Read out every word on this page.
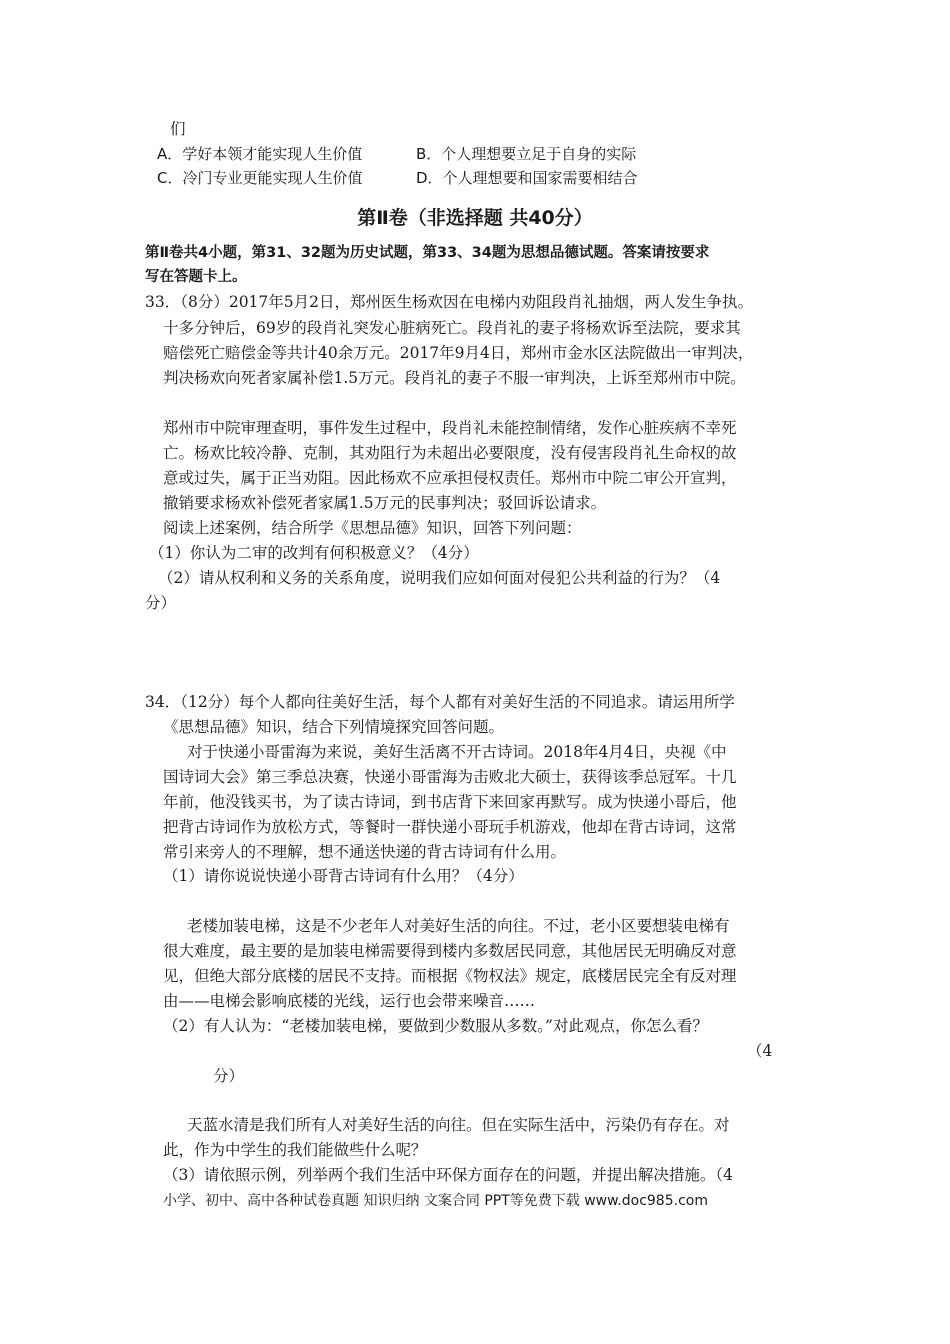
们
A．学好本领才能实现人生价值	B．个人理想要立足于自身的实际
C．冷门专业更能实现人生价值	D．个人理想要和国家需要相结合
第Ⅱ卷（非选择题 共40分）
第Ⅱ卷共4小题，第31、32题为历史试题，第33、34题为思想品德试题。答案请按要求
写在答题卡上。
33．（8分）2017年5月2日，郑州医生杨欢因在电梯内劝阻段肖礼抽烟，两人发生争执。
十多分钟后，69岁的段肖礼突发心脏病死亡。段肖礼的妻子将杨欢诉至法院，要求其
赔偿死亡赔偿金等共计40余万元。2017年9月4日，郑州市金水区法院做出一审判决，
判决杨欢向死者家属补偿1.5万元。段肖礼的妻子不服一审判决，上诉至郑州市中院。
郑州市中院审理查明，事件发生过程中，段肖礼未能控制情绪，发作心脏疾病不幸死
亡。杨欢比较冷静、克制，其劝阻行为未超出必要限度，没有侵害段肖礼生命权的故
意或过失，属于正当劝阻。因此杨欢不应承担侵权责任。郑州市中院二审公开宣判，
撤销要求杨欢补偿死者家属1.5万元的民事判决；驳回诉讼请求。
阅读上述案例，结合所学《思想品德》知识，回答下列问题：
（1）你认为二审的改判有何积极意义？（4分）
（2）请从权利和义务的关系角度，说明我们应如何面对侵犯公共利益的行为？（4
分）
34．（12分）每个人都向往美好生活，每个人都有对美好生活的不同追求。请运用所学
《思想品德》知识，结合下列情境探究回答问题。
对于快递小哥雷海为来说，美好生活离不开古诗词。2018年4月4日，央视《中
国诗词大会》第三季总决赛，快递小哥雷海为击败北大硕士，获得该季总冠军。十几
年前，他没钱买书，为了读古诗词，到书店背下来回家再默写。成为快递小哥后，他
把背古诗词作为放松方式，等餐时一群快递小哥玩手机游戏，他却在背古诗词，这常
常引来旁人的不理解，想不通送快递的背古诗词有什么用。
（1）请你说说快递小哥背古诗词有什么用？（4分）
老楼加装电梯，这是不少老年人对美好生活的向往。不过，老小区要想装电梯有
很大难度，最主要的是加装电梯需要得到楼内多数居民同意，其他居民无明确反对意
见，但绝大部分底楼的居民不支持。而根据《物权法》规定，底楼居民完全有反对理
由——电梯会影响底楼的光线，运行也会带来噪音……
（2）有人认为：“老楼加装电梯，要做到少数服从多数。”对此观点，你怎么看？
（4
分）
天蓝水清是我们所有人对美好生活的向往。但在实际生活中，污染仍有存在。对
此，作为中学生的我们能做些什么呢？
（3）请依照示例，列举两个我们生活中环保方面存在的问题，并提出解决措施。（4
小学、初中、高中各种试卷真题 知识归纳 文案合同 PPT等免费下载 www.doc985.com
